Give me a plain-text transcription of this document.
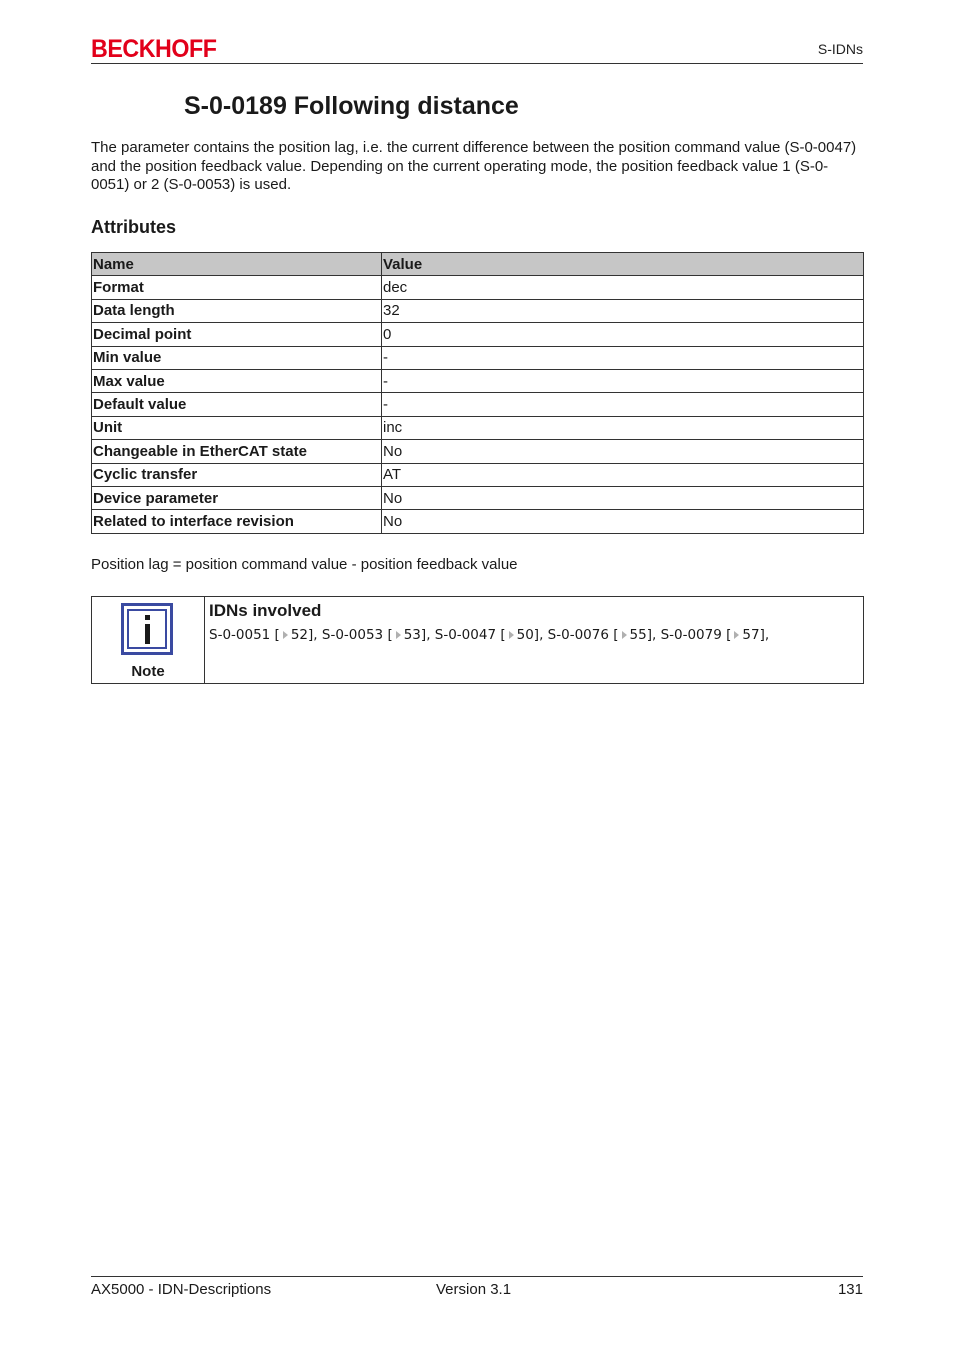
BECKHOFF	S-IDNs
S-0-0189 Following distance

The parameter contains the position lag, i.e. the current difference between the position command value (S-0-0047) and the position feedback value. Depending on the current operating mode, the position feedback value 1 (S-0-0051) or 2 (S-0-0053) is used.

Attributes
Name	Value
Format	dec
Data length	32
Decimal point	0
Min value	-
Max value	-
Default value	-
Unit	inc
Changeable in EtherCAT state	No
Cyclic transfer	AT
Device parameter	No
Related to interface revision	No

Position lag = position command value - position feedback value

Note

IDNs involved

S-0-0051 [ 52], S-0-0053 [ 53], S-0-0047 [ 50], S-0-0076 [ 55], S-0-0079 [ 57],

AX5000 - IDN-Descriptions	Version 3.1	131
